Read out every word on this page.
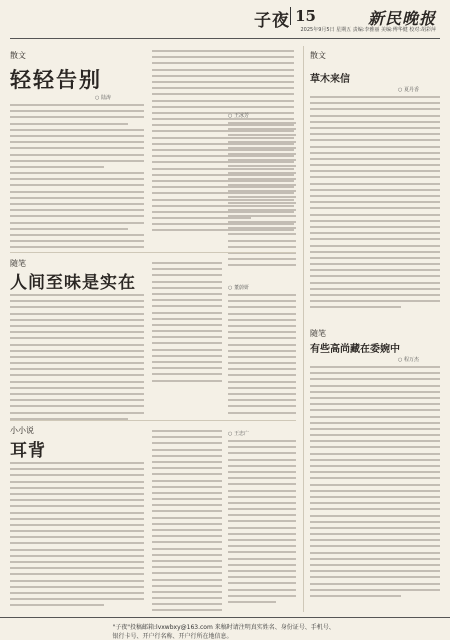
子夜 15	新民晚报
2025年9月5日 星期五 责编:李雅丽 美编:傅华健 校对:胡彩萍
散文
轻轻告别
○ 陆涛
○ 王冰芳
散文
草木来信
○ 夏丹香
随笔
人间至味是实在	○ 董蔚妍
小小说
耳背
○ 王忠广
随笔
有些高尚藏在委婉中
○ 程万杰
"子夜"投稿邮箱:lvxwbxy@163.com 来稿时请注明真实姓名、身份证号、手机号、银行卡号、开户行名称、开户行所在地信息。
